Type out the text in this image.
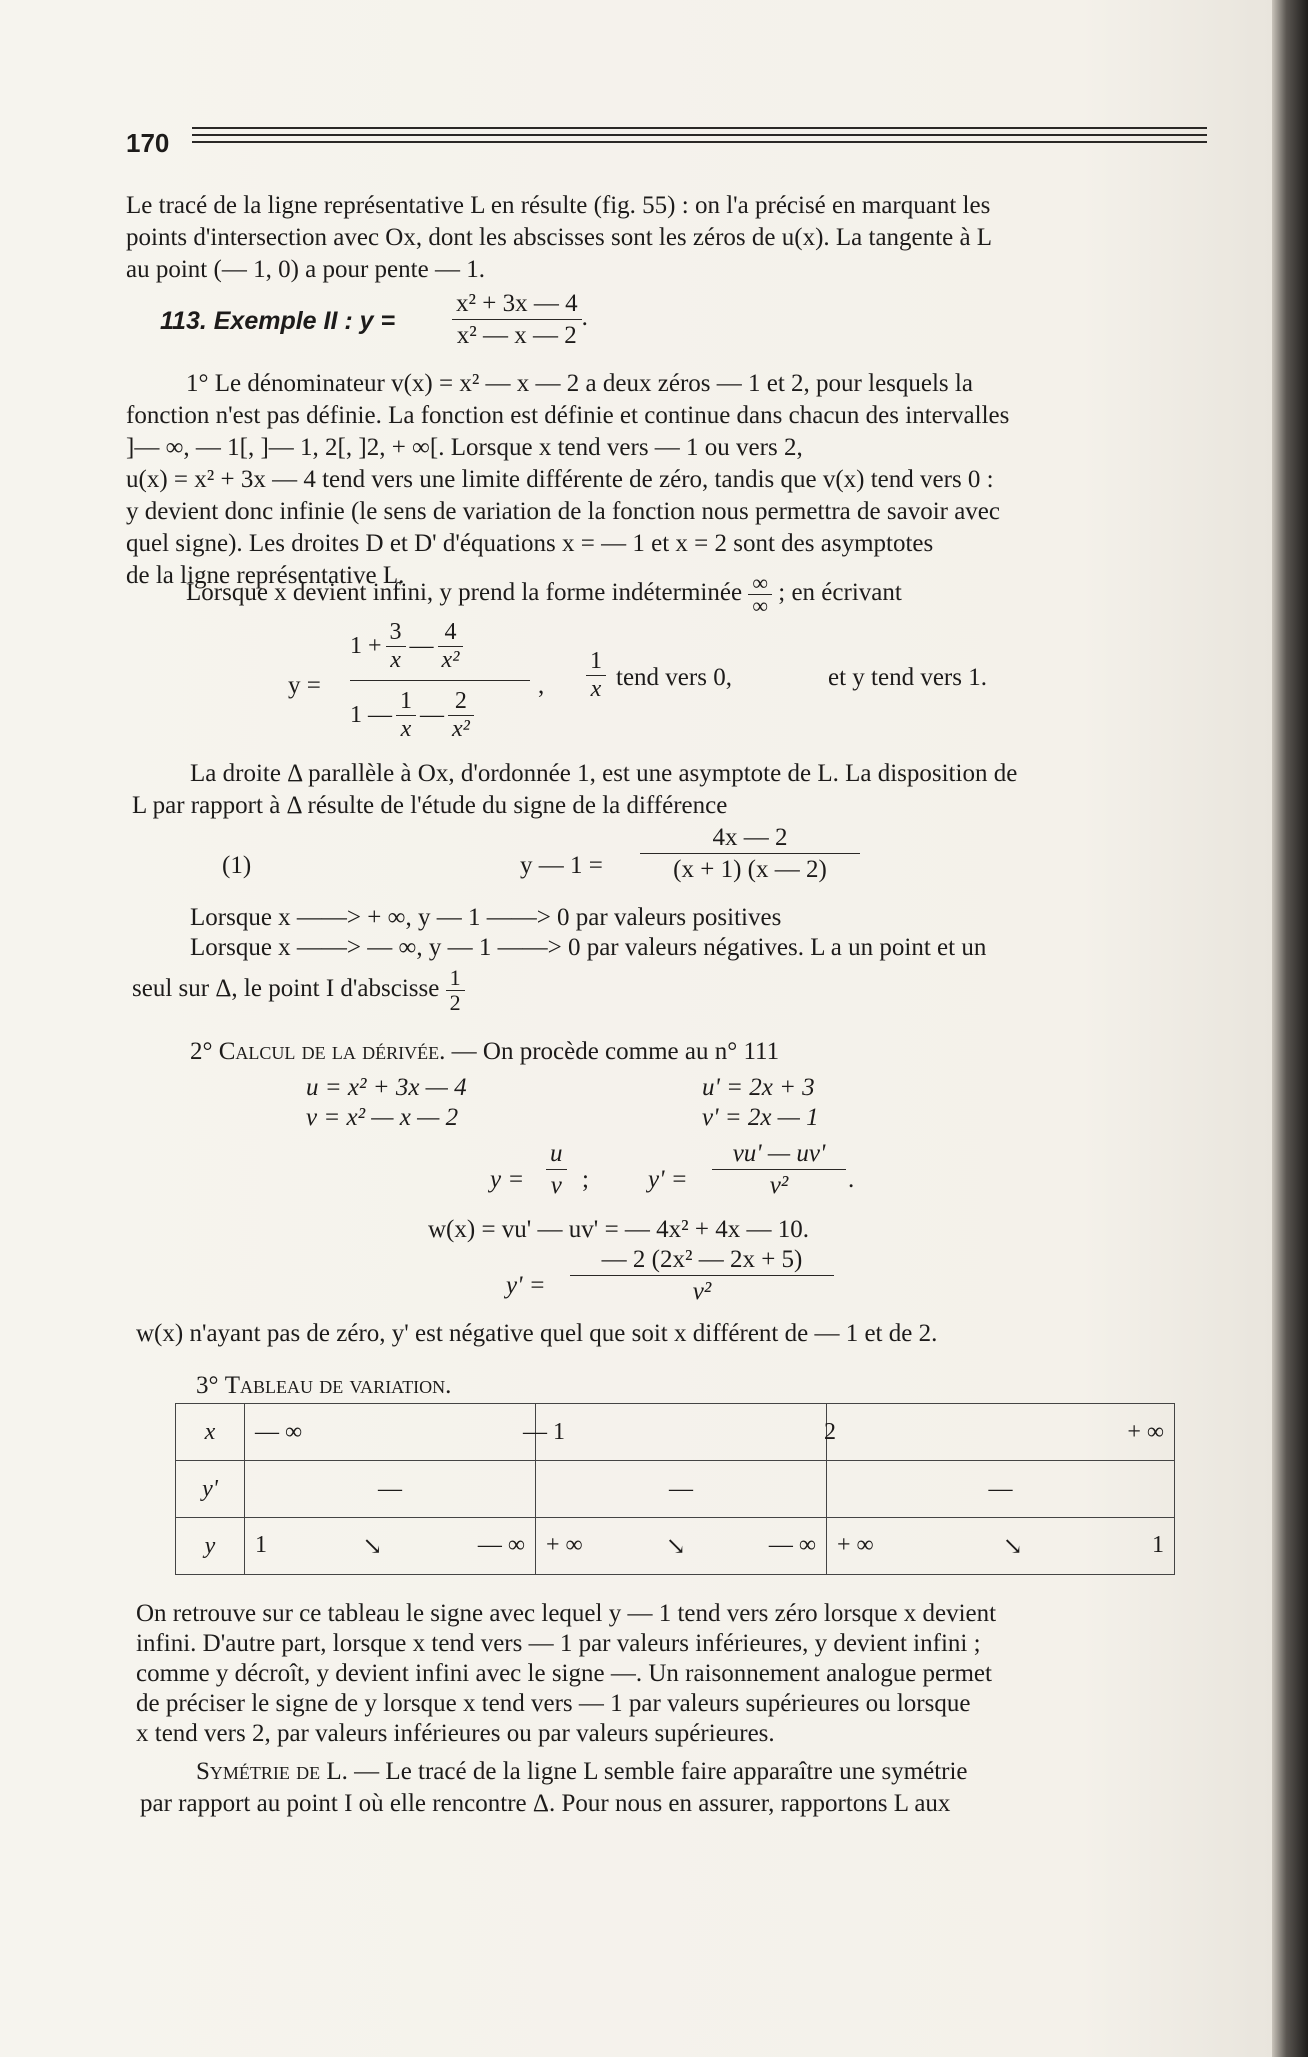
170
Le tracé de la ligne représentative L en résulte (fig. 55) : on l'a précisé en marquant les
points d'intersection avec Ox, dont les abscisses sont les zéros de u(x). La tangente à L
au point (— 1, 0) a pour pente — 1.
113. Exemple II : $y = \frac{\text{x² + 3x — 4}}{\text{x² — x — 2}}$ .
1° Le dénominateur v(x) = x² — x — 2 a deux zéros — 1 et 2, pour lesquels la
fonction n'est pas définie. La fonction est définie et continue dans chacun des intervalles
]— ∞, — 1[, ]— 1, 2[, ]2, + ∞[. Lorsque x tend vers — 1 ou vers 2,
u(x) = x² + 3x — 4 tend vers une limite différente de zéro, tandis que v(x) tend vers 0 :
y devient donc infinie (le sens de variation de la fonction nous permettra de savoir avec
quel signe). Les droites D et D' d'équations x = — 1 et x = 2 sont des asymptotes
de la ligne représentative L.
Lorsque x devient infini, y prend la forme indéterminée $\frac{\infty}{\infty}$ ; en écrivant
y =
$1 + \frac{3}{x}$ — $\frac{4}{\text{x²}}$
1 — $\frac{1}{x}$ — $\frac{2}{\text{x²}}$
, $\frac{1}{x}$ tend vers 0,	et y tend vers 1.
La droite Δ parallèle à Ox, d'ordonnée 1, est une asymptote de L. La disposition de
L par rapport à Δ résulte de l'étude du signe de la différence
(1)	y — $1 = \frac{4x — 2}{(x + 1) (x — 2)}$
Lorsque x ——> + ∞, y — 1 ——> 0 par valeurs positives
Lorsque x ——> — ∞, y — 1 ——> 0 par valeurs négatives. L a un point et un
seul sur Δ, le point I d'abscisse $\frac{1}{2}$
2° Calcul de la dérivée. — On procède comme au n° 111
u = x² + 3x — 4
v = x² — x — 2
u' = 2x + 3
v' = 2x — 1
$y = \frac{u}{v}$ ; $y' = \frac{vu' — uv'}{\text{v²}}$ .
w(x) = vu' — uv' = — 4x² + 4x — 10.
$y' = \frac{\text{— 2 (2x² — 2x + 5)}}{\text{v²}}$
w(x) n'ayant pas de zéro, y' est négative quel que soit x différent de — 1 et de 2.
3° Tableau de variation.
x	— ∞ — 1	2	+ ∞
y'	—	—	—
y	1 ↘ — ∞	+ ∞ ↘ — ∞	+ ∞ ↘ 1
On retrouve sur ce tableau le signe avec lequel y — 1 tend vers zéro lorsque x devient
infini. D'autre part, lorsque x tend vers — 1 par valeurs inférieures, y devient infini ;
comme y décroît, y devient infini avec le signe —. Un raisonnement analogue permet
de préciser le signe de y lorsque x tend vers — 1 par valeurs supérieures ou lorsque
x tend vers 2, par valeurs inférieures ou par valeurs supérieures.
Symétrie de L. — Le tracé de la ligne L semble faire apparaître une symétrie
par rapport au point I où elle rencontre Δ. Pour nous en assurer, rapportons L aux
